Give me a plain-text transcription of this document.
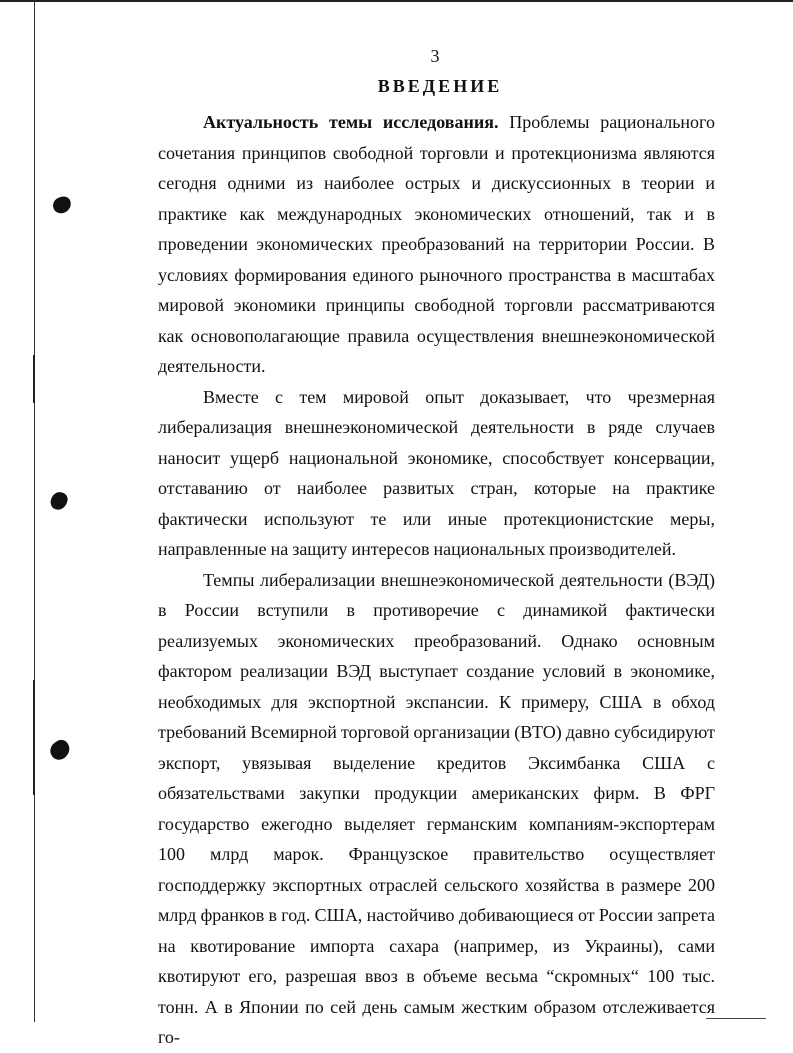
3
ВВЕДЕНИЕ

Актуальность темы исследования. Проблемы рационального сочетания принципов свободной торговли и протекционизма являются сегодня одними из наиболее острых и дискуссионных в теории и практике как международных экономических отношений, так и в проведении экономических преобразований на территории России. В условиях формирования единого рыночного пространства в масштабах мировой экономики принципы свободной торговли рассматриваются как основополагающие правила осуществления внешнеэкономической деятельности.

Вместе с тем мировой опыт доказывает, что чрезмерная либерализация внешнеэкономической деятельности в ряде случаев наносит ущерб национальной экономике, способствует консервации, отставанию от наиболее развитых стран, которые на практике фактически используют те или иные протекционистские меры, направленные на защиту интересов национальных производителей.

Темпы либерализации внешнеэкономической деятельности (ВЭД) в России вступили в противоречие с динамикой фактически реализуемых экономических преобразований. Однако основным фактором реализации ВЭД выступает создание условий в экономике, необходимых для экспортной экспансии. К примеру, США в обход требований Всемирной торговой организации (ВТО) давно субсидируют экспорт, увязывая выделение кредитов Эксимбанка США с обязательствами закупки продукции американских фирм. В ФРГ государство ежегодно выделяет германским компаниям-экспортерам 100 млрд марок. Французское правительство осуществляет господдержку экспортных отраслей сельского хозяйства в размере 200 млрд франков в год. США, настойчиво добивающиеся от России запрета на квотирование импорта сахара (например, из Украины), сами квотируют его, разрешая ввоз в объеме весьма “скромных“ 100 тыс. тонн. А в Японии по сей день самым жестким образом отслеживается го-
